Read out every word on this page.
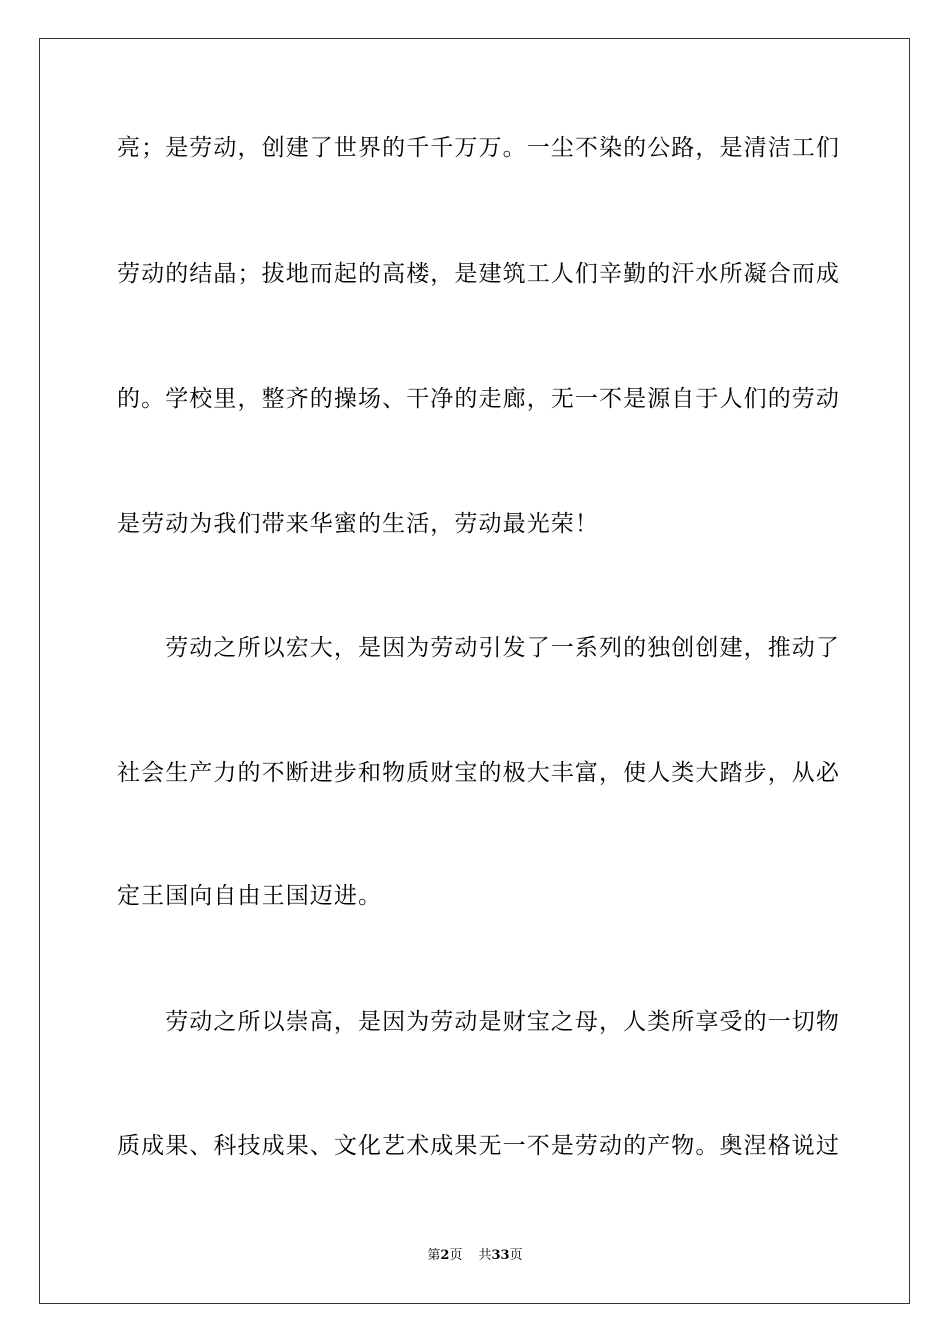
亮；是劳动，创建了世界的千千万万。一尘不染的公路，是清洁工们
劳动的结晶；拔地而起的高楼，是建筑工人们辛勤的汗水所凝合而成
的。学校里，整齐的操场、干净的走廊，无一不是源自于人们的劳动
是劳动为我们带来华蜜的生活，劳动最光荣！
　　劳动之所以宏大，是因为劳动引发了一系列的独创创建，推动了
社会生产力的不断进步和物质财宝的极大丰富，使人类大踏步，从必
定王国向自由王国迈进。
　　劳动之所以崇高，是因为劳动是财宝之母，人类所享受的一切物
质成果、科技成果、文化艺术成果无一不是劳动的产物。奥涅格说过
第2页 共33页
